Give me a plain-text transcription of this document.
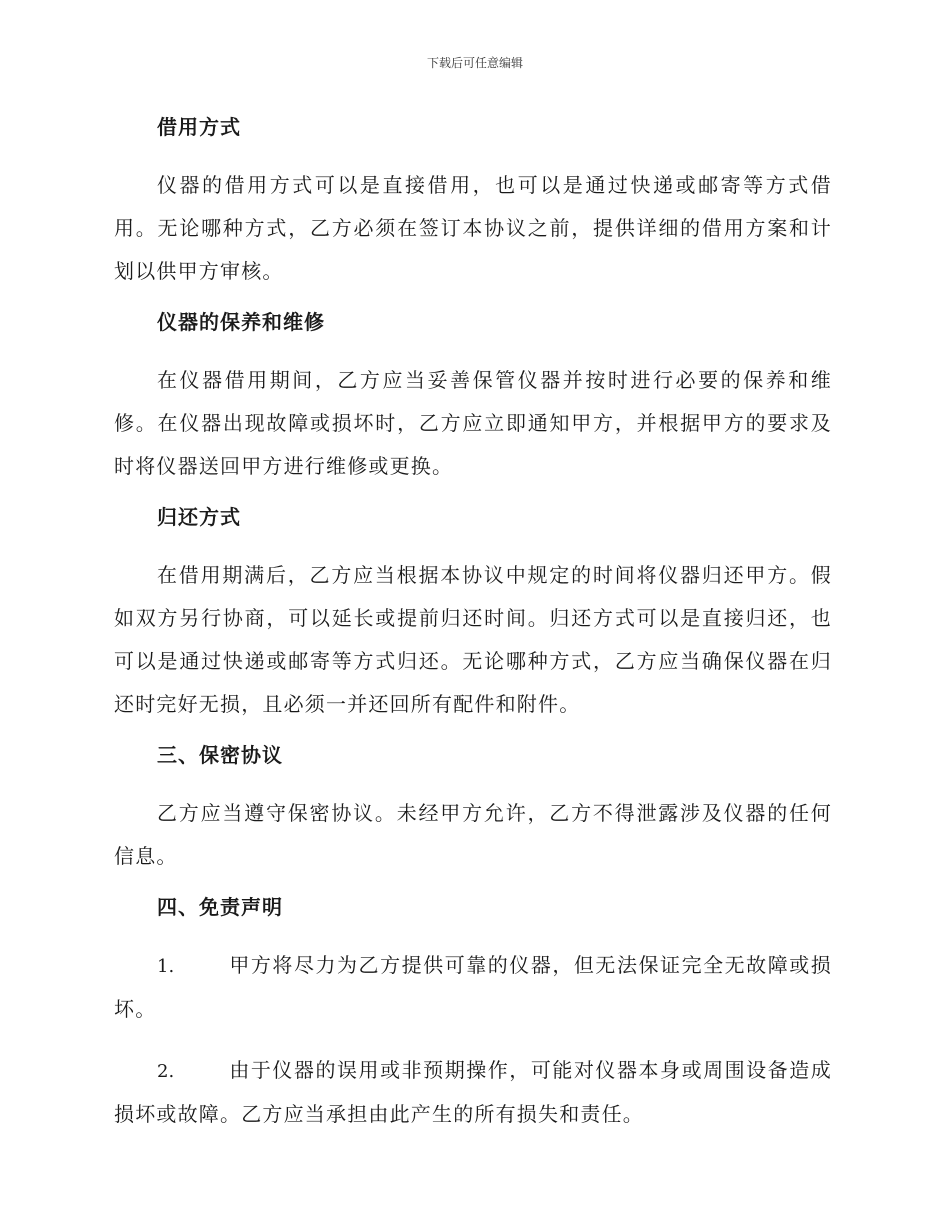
下载后可任意编辑
借用方式

仪器的借用方式可以是直接借用，也可以是通过快递或邮寄等方式借用。无论哪种方式，乙方必须在签订本协议之前，提供详细的借用方案和计划以供甲方审核。

仪器的保养和维修

在仪器借用期间，乙方应当妥善保管仪器并按时进行必要的保养和维修。在仪器出现故障或损坏时，乙方应立即通知甲方，并根据甲方的要求及时将仪器送回甲方进行维修或更换。

归还方式

在借用期满后，乙方应当根据本协议中规定的时间将仪器归还甲方。假如双方另行协商，可以延长或提前归还时间。归还方式可以是直接归还，也可以是通过快递或邮寄等方式归还。无论哪种方式，乙方应当确保仪器在归还时完好无损，且必须一并还回所有配件和附件。

三、保密协议

乙方应当遵守保密协议。未经甲方允许，乙方不得泄露涉及仪器的任何信息。

四、免责声明

1.	甲方将尽力为乙方提供可靠的仪器，但无法保证完全无故障或损坏。

2.	由于仪器的误用或非预期操作，可能对仪器本身或周围设备造成损坏或故障。乙方应当承担由此产生的所有损失和责任。
